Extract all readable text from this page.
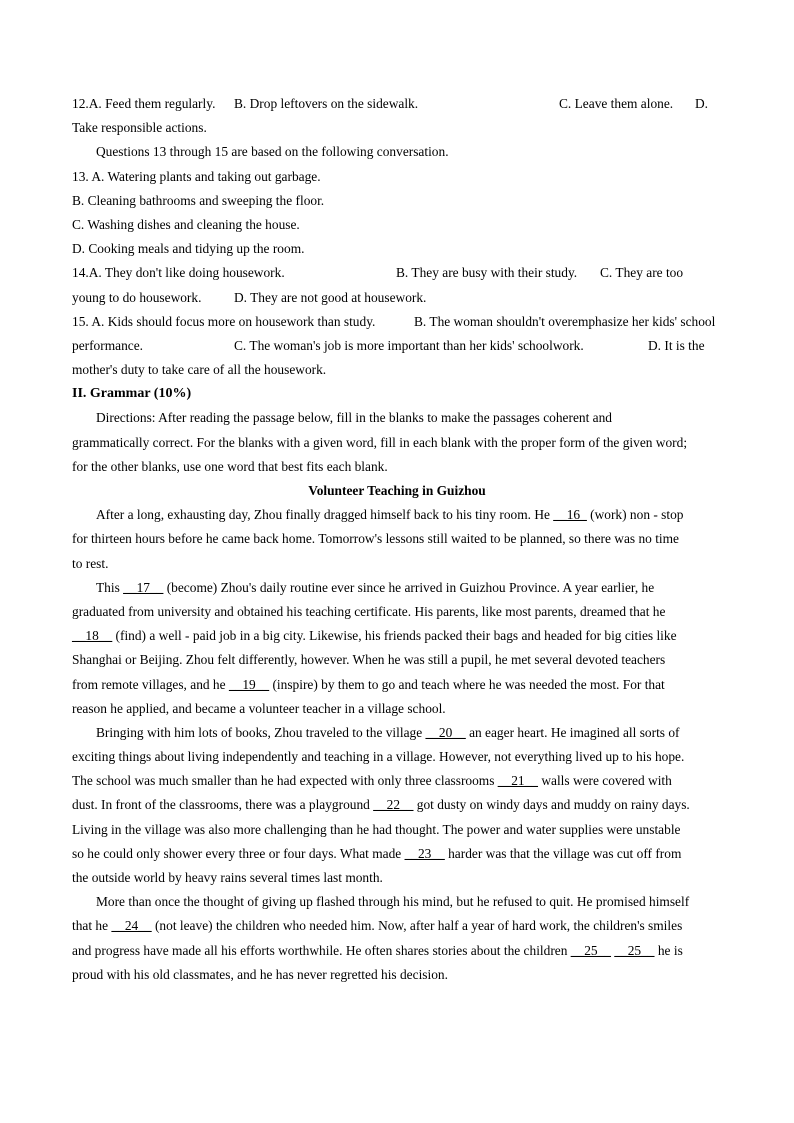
12.A. Feed them regularly. B. Drop leftovers on the sidewalk.	C. Leave them alone. D.
Take responsible actions.
Questions 13 through 15 are based on the following conversation.
13. A. Watering plants and taking out garbage.
B. Cleaning bathrooms and sweeping the floor.
C. Washing dishes and cleaning the house.
D. Cooking meals and tidying up the room.
14.A. They don't like doing housework.	B. They are busy with their study. C. They are too
young to do housework. D. They are not good at housework.
15. A. Kids should focus more on housework than study.	B. The woman shouldn't overemphasize her kids' school
performance.	C. The woman's job is more important than her kids' schoolwork.	D. It is the
mother's duty to take care of all the housework.
II. Grammar (10%)
Directions: After reading the passage below, fill in the blanks to make the passages coherent and
grammatically correct. For the blanks with a given word, fill in each blank with the proper form of the given word;
for the other blanks, use one word that best fits each blank.
Volunteer Teaching in Guizhou
After a long, exhausting day, Zhou finally dragged himself back to his tiny room. He __16_ (work) non - stop
for thirteen hours before he came back home. Tomorrow's lessons still waited to be planned, so there was no time
to rest.
This __17__ (become) Zhou's daily routine ever since he arrived in Guizhou Province. A year earlier, he
graduated from university and obtained his teaching certificate. His parents, like most parents, dreamed that he
__18__ (find) a well - paid job in a big city. Likewise, his friends packed their bags and headed for big cities like
Shanghai or Beijing. Zhou felt differently, however. When he was still a pupil, he met several devoted teachers
from remote villages, and he __19__ (inspire) by them to go and teach where he was needed the most. For that
reason he applied, and became a volunteer teacher in a village school.
Bringing with him lots of books, Zhou traveled to the village __20__ an eager heart. He imagined all sorts of
exciting things about living independently and teaching in a village. However, not everything lived up to his hope.
The school was much smaller than he had expected with only three classrooms __21__ walls were covered with
dust. In front of the classrooms, there was a playground __22__ got dusty on windy days and muddy on rainy days.
Living in the village was also more challenging than he had thought. The power and water supplies were unstable
so he could only shower every three or four days. What made __23__ harder was that the village was cut off from
the outside world by heavy rains several times last month.
More than once the thought of giving up flashed through his mind, but he refused to quit. He promised himself
that he __24__ (not leave) the children who needed him. Now, after half a year of hard work, the children's smiles
and progress have made all his efforts worthwhile. He often shares stories about the children __25__ __25__ he is
proud with his old classmates, and he has never regretted his decision.
